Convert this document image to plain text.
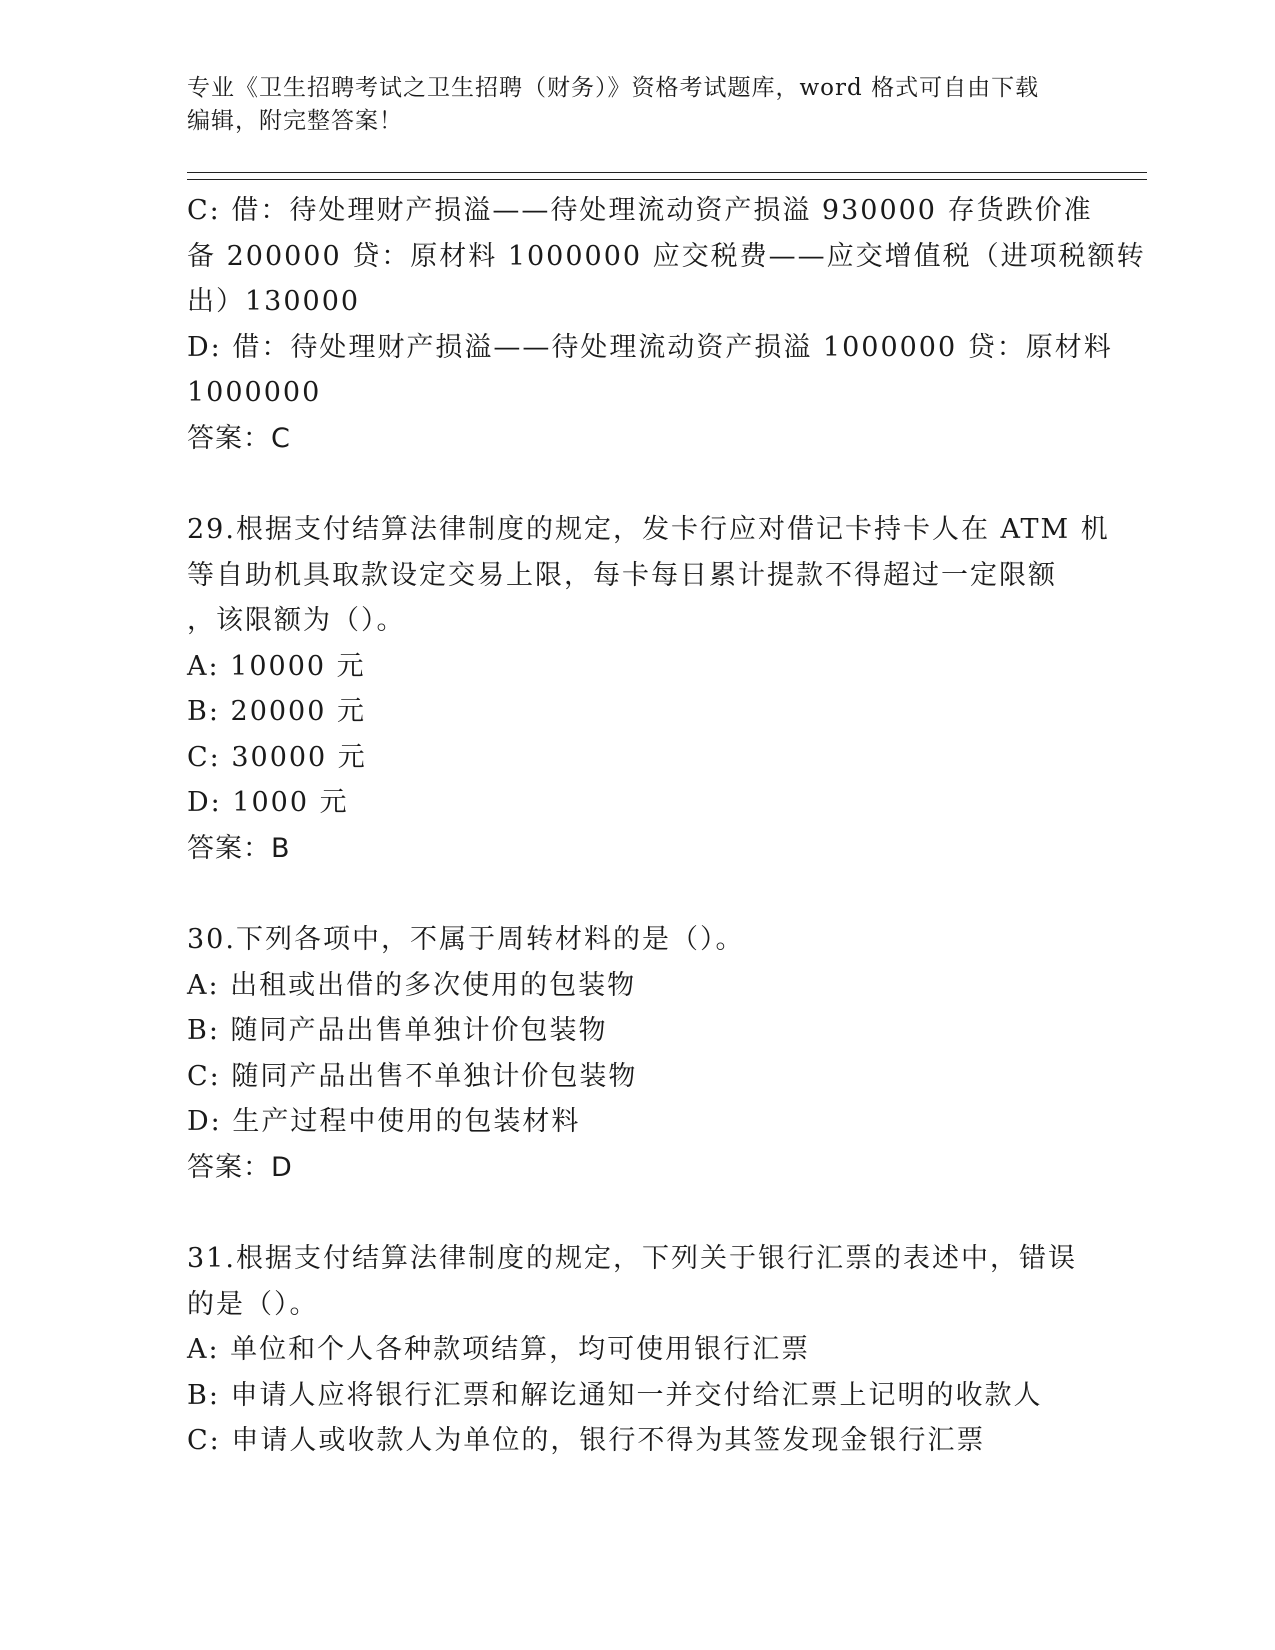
专业《卫生招聘考试之卫生招聘（财务）》资格考试题库，word 格式可自由下载
编辑，附完整答案！
C: 借：待处理财产损溢——待处理流动资产损溢 930000 存货跌价准
备 200000 贷：原材料 1000000 应交税费——应交增值税（进项税额转
出）130000
D: 借：待处理财产损溢——待处理流动资产损溢 1000000 贷：原材料
1000000
答案：C
29.根据支付结算法律制度的规定，发卡行应对借记卡持卡人在 ATM 机
等自助机具取款设定交易上限，每卡每日累计提款不得超过一定限额
，该限额为（）。
A: 10000 元
B: 20000 元
C: 30000 元
D: 1000 元
答案：B
30.下列各项中，不属于周转材料的是（）。
A: 出租或出借的多次使用的包装物
B: 随同产品出售单独计价包装物
C: 随同产品出售不单独计价包装物
D: 生产过程中使用的包装材料
答案：D
31.根据支付结算法律制度的规定，下列关于银行汇票的表述中，错误
的是（）。
A: 单位和个人各种款项结算，均可使用银行汇票
B: 申请人应将银行汇票和解讫通知一并交付给汇票上记明的收款人
C: 申请人或收款人为单位的，银行不得为其签发现金银行汇票
